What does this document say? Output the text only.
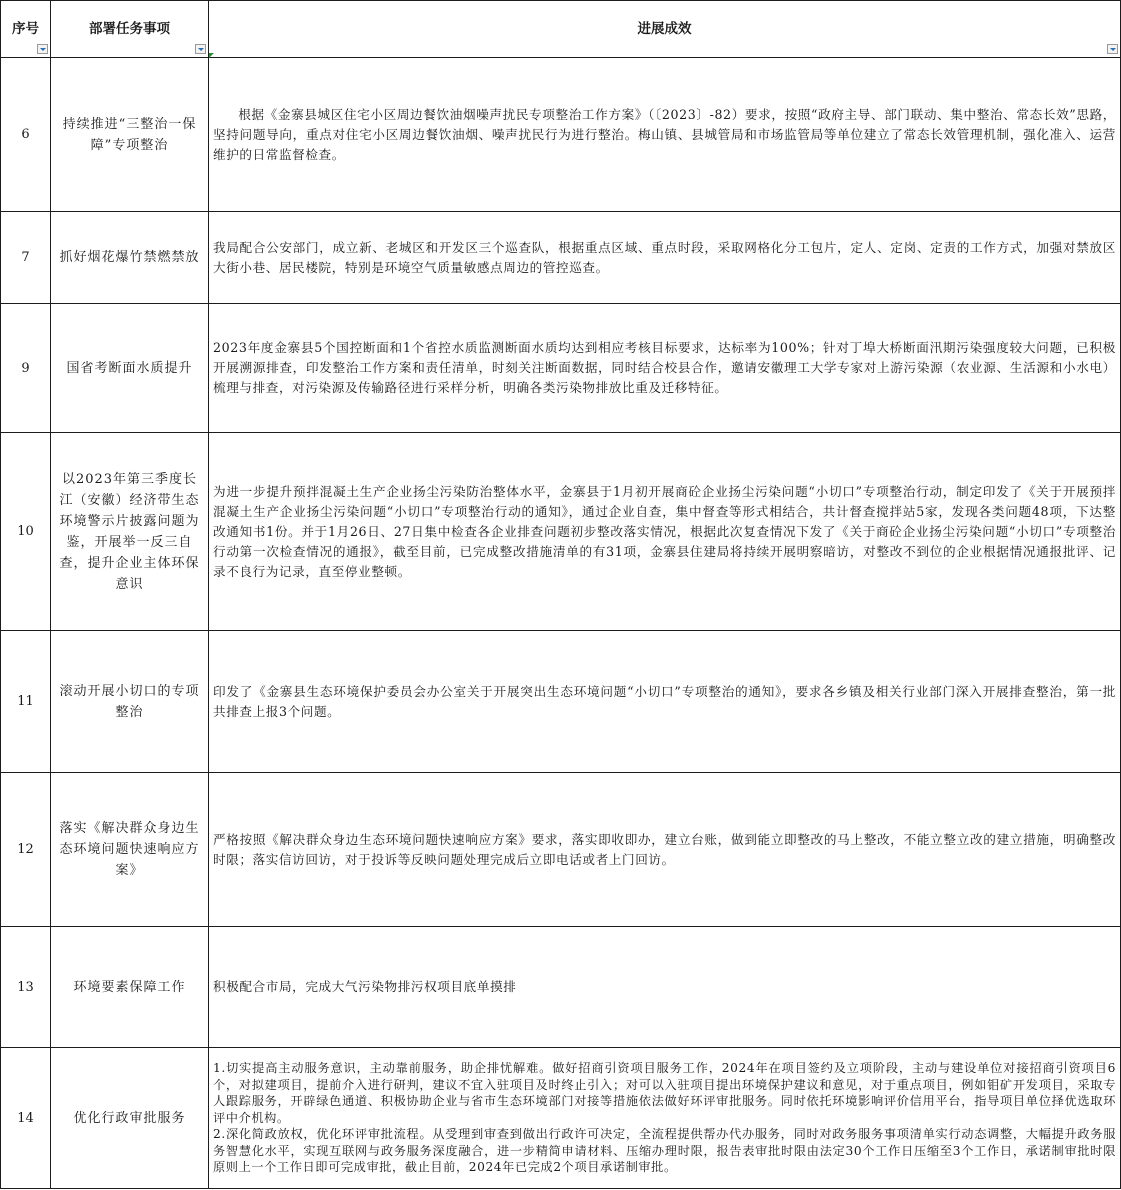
序号	部署任务事项	进展成效

6	持续推进“三整治一保障”专项整治	根据《金寨县城区住宅小区周边餐饮油烟噪声扰民专项整治工作方案》（〔2023〕-82）要求，按照“政府主导、部门联动、集中整治、常态长效”思路，坚持问题导向，重点对住宅小区周边餐饮油烟、噪声扰民行为进行整治。梅山镇、县城管局和市场监管局等单位建立了常态长效管理机制，强化准入、运营维护的日常监督检查。

7	抓好烟花爆竹禁燃禁放	我局配合公安部门，成立新、老城区和开发区三个巡查队，根据重点区域、重点时段，采取网格化分工包片，定人、定岗、定责的工作方式，加强对禁放区大街小巷、居民楼院，特别是环境空气质量敏感点周边的管控巡查。

9	国省考断面水质提升	2023年度金寨县5个国控断面和1个省控水质监测断面水质均达到相应考核目标要求，达标率为100%；针对丁埠大桥断面汛期污染强度较大问题，已积极开展溯源排查，印发整治工作方案和责任清单，时刻关注断面数据，同时结合校县合作，邀请安徽理工大学专家对上游污染源（农业源、生活源和小水电）梳理与排查，对污染源及传输路径进行采样分析，明确各类污染物排放比重及迁移特征。

10	以2023年第三季度长江（安徽）经济带生态环境警示片披露问题为鉴，开展举一反三自查，提升企业主体环保意识	为进一步提升预拌混凝土生产企业扬尘污染防治整体水平，金寨县于1月初开展商砼企业扬尘污染问题“小切口”专项整治行动，制定印发了《关于开展预拌混凝土生产企业扬尘污染问题“小切口”专项整治行动的通知》，通过企业自查，集中督查等形式相结合，共计督查搅拌站5家，发现各类问题48项，下达整改通知书1份。并于1月26日、27日集中检查各企业排查问题初步整改落实情况，根据此次复查情况下发了《关于商砼企业扬尘污染问题“小切口”专项整治行动第一次检查情况的通报》，截至目前，已完成整改措施清单的有31项，金寨县住建局将持续开展明察暗访，对整改不到位的企业根据情况通报批评、记录不良行为记录，直至停业整顿。

11	滚动开展小切口的专项整治	印发了《金寨县生态环境保护委员会办公室关于开展突出生态环境问题“小切口”专项整治的通知》，要求各乡镇及相关行业部门深入开展排查整治，第一批共排查上报3个问题。

12	落实《解决群众身边生态环境问题快速响应方案》	严格按照《解决群众身边生态环境问题快速响应方案》要求，落实即收即办，建立台账，做到能立即整改的马上整改，不能立整立改的建立措施，明确整改时限；落实信访回访，对于投诉等反映问题处理完成后立即电话或者上门回访。

13	环境要素保障工作	积极配合市局，完成大气污染物排污权项目底单摸排

14	优化行政审批服务	1.切实提高主动服务意识，主动靠前服务，助企排忧解难。做好招商引资项目服务工作，2024年在项目签约及立项阶段，主动与建设单位对接招商引资项目6个，对拟建项目，提前介入进行研判，建议不宜入驻项目及时终止引入；对可以入驻项目提出环境保护建议和意见，对于重点项目，例如钼矿开发项目，采取专人跟踪服务，开辟绿色通道、积极协助企业与省市生态环境部门对接等措施依法做好环评审批服务。同时依托环境影响评价信用平台，指导项目单位择优选取环评中介机构。
2.深化简政放权，优化环评审批流程。从受理到审查到做出行政许可决定，全流程提供帮办代办服务，同时对政务服务事项清单实行动态调整，大幅提升政务服务智慧化水平，实现互联网与政务服务深度融合，进一步精简申请材料、压缩办理时限，报告表审批时限由法定30个工作日压缩至3个工作日，承诺制审批时限原则上一个工作日即可完成审批，截止目前，2024年已完成2个项目承诺制审批。
